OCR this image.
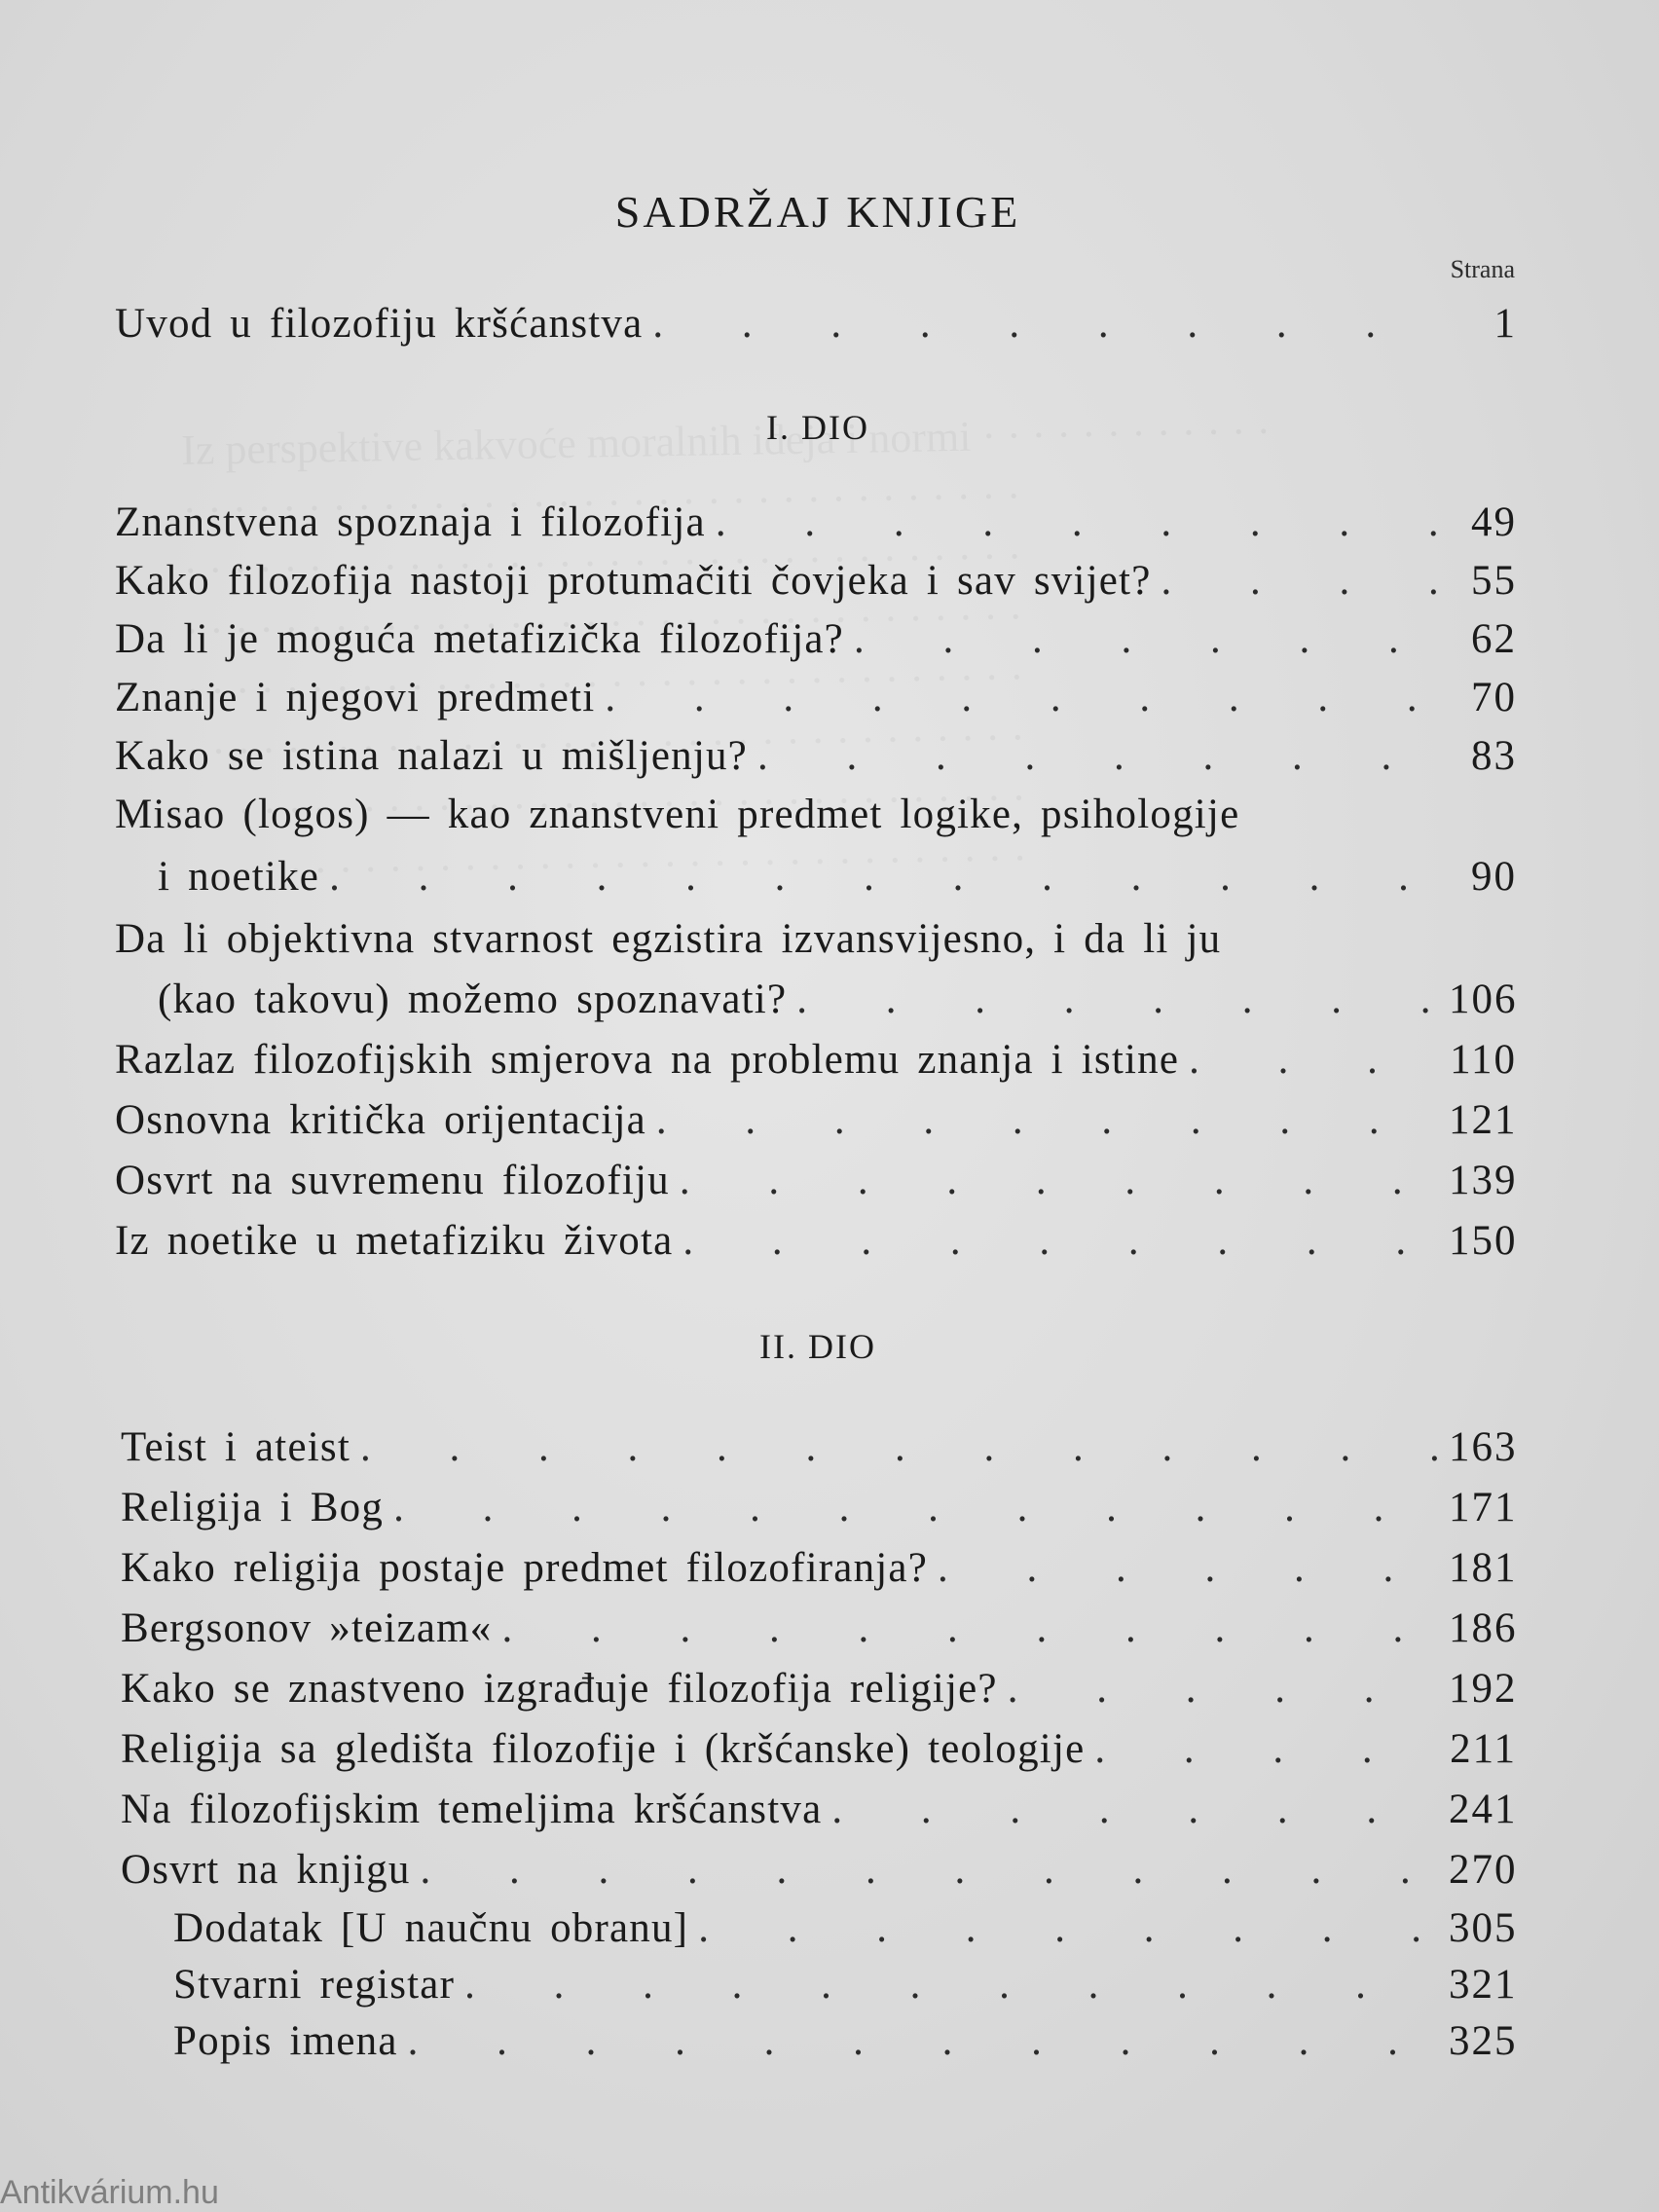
SADRŽAJ KNJIGE
Strana
Uvod u filozofiju kršćanstva . . .	1
I. DIO
Znanstvena spoznaja i filozofija . . .	49
Kako filozofija nastoji protumačiti čovjeka i sav svijet? . . .	55
Da li je moguća metafizička filozofija? . . .	62
Znanje i njegovi predmeti . . .	70
Kako se istina nalazi u mišljenju? . . .	83
Misao (logos) — kao znanstveni predmet logike, psihologije
i noetike . . .	90
Da li objektivna stvarnost egzistira izvansvijesno, i da li ju
(kao takovu) možemo spoznavati? . . .	106
Razlaz filozofijskih smjerova na problemu znanja i istine . . .	110
Osnovna kritička orijentacija . . .	121
Osvrt na suvremenu filozofiju . . .	139
Iz noetike u metafiziku života . . .	150
II. DIO
Teist i ateist . . .	163
Religija i Bog . . .	171
Kako religija postaje predmet filozofiranja? . . .	181
Bergsonov »teizam« . . .	186
Kako se znastveno izgrađuje filozofija religije? . . .	192
Religija sa gledišta filozofije i (kršćanske) teologije . . .	211
Na filozofijskim temeljima kršćanstva . . .	241
Osvrt na knjigu . . .	270
Dodatak [U naučnu obranu] . . .	305
Stvarni registar . . .	321
Popis imena . . .	325
Antikvárium.hu
